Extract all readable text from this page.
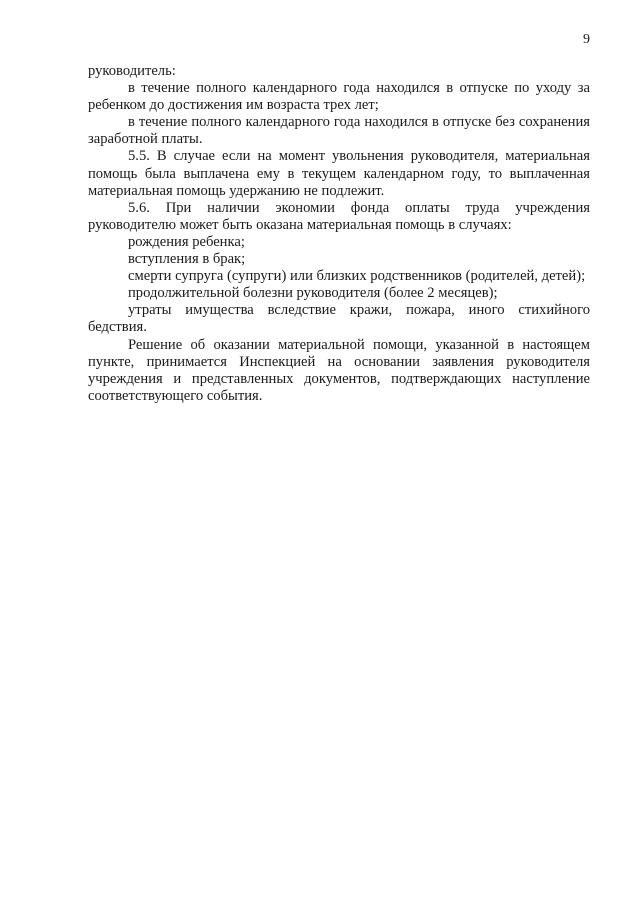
9

руководитель:

в течение полного календарного года находился в отпуске по уходу за ребенком до достижения им возраста трех лет;

в течение полного календарного года находился в отпуске без сохранения заработной платы.

5.5. В случае если на момент увольнения руководителя, материальная помощь была выплачена ему в текущем календарном году, то выплаченная материальная помощь удержанию не подлежит.

5.6. При наличии экономии фонда оплаты труда учреждения руководителю может быть оказана материальная помощь в случаях:

рождения ребенка;

вступления в брак;

смерти супруга (супруги) или близких родственников (родителей, детей);

продолжительной болезни руководителя (более 2 месяцев);

утраты имущества вследствие кражи, пожара, иного стихийного бедствия.

Решение об оказании материальной помощи, указанной в настоящем пункте, принимается Инспекцией на основании заявления руководителя учреждения и представленных документов, подтверждающих наступление соответствующего события.
